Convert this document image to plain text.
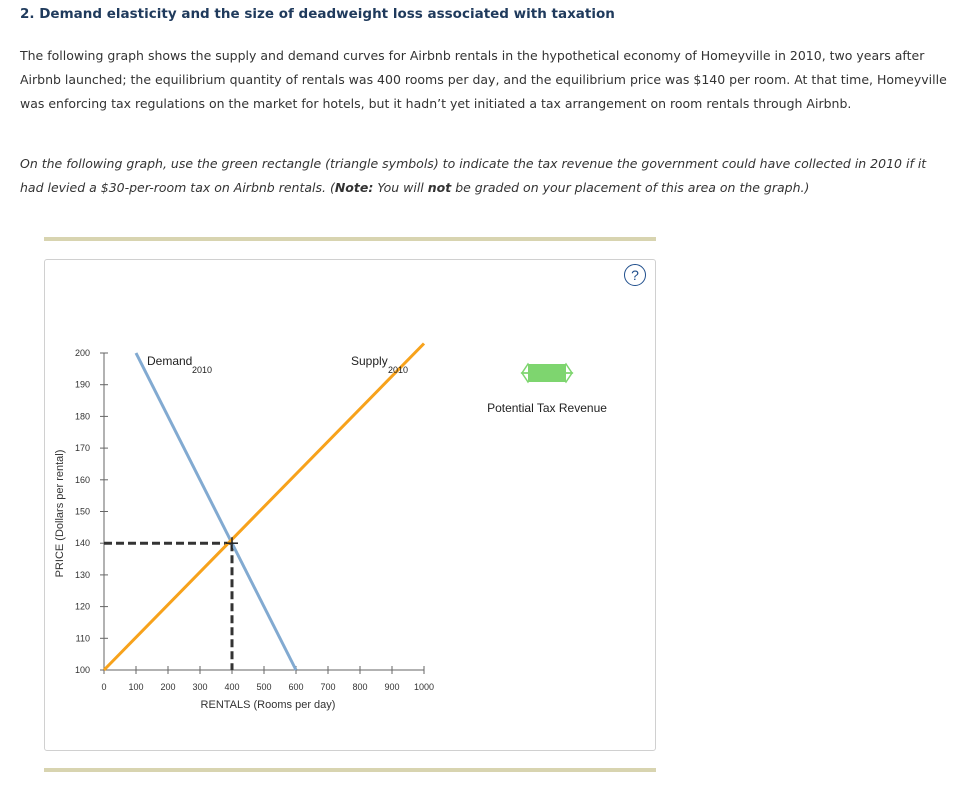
2. Demand elasticity and the size of deadweight loss associated with taxation

The following graph shows the supply and demand curves for Airbnb rentals in the hypothetical economy of Homeyville in 2010, two years after Airbnb launched; the equilibrium quantity of rentals was 400 rooms per day, and the equilibrium price was $140 per room. At that time, Homeyville was enforcing tax regulations on the market for hotels, but it hadn’t yet initiated a tax arrangement on room rentals through Airbnb.

On the following graph, use the green rectangle (triangle symbols) to indicate the tax revenue the government could have collected in 2010 if it had levied a $30-per-room tax on Airbnb rentals. (Note: You will not be graded on your placement of this area on the graph.)

?
100
110
120
130
140
150
160
170
180
190
200
0 100 200 300 400 500 600 700 800 900 1000
RENTALS (Rooms per day)
PRICE (Dollars per rental)
Demand
2010
Supply
2010
Potential Tax Revenue
